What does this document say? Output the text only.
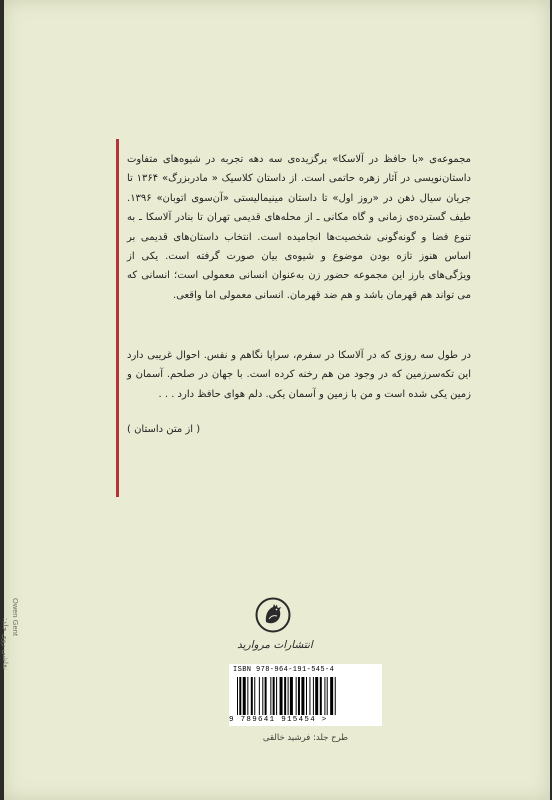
مجموعه‌ی «با حافظ در آلاسکا» برگزیده‌ی سه دهه تجربه در شیوه‌های متفاوت داستان‌نویسی در آثار زهره حاتمی است. از داستان کلاسیک « مادربزرگ» ۱۳۶۴ تا جریان سیال ذهن در «روز اول» تا داستان مینیمالیستی «آن‌سوی اتوبان» ۱۳۹۶. طیف گسترده‌ی زمانی و گاه مکانی ـ از محله‌های قدیمی تهران تا بنادر آلاسکا ـ به تنوع فضا و گونه‌گونی شخصیت‌ها انجامیده است. انتخاب داستان‌های قدیمی بر اساس هنوز تازه بودن موضوع و شیوه‌ی بیان صورت گرفته است. یکی از ویژگی‌های بارز این مجموعه حضور زن به‌عنوان انسانی معمولی است؛ انسانی که می تواند هم قهرمان باشد و هم ضد قهرمان. انسانی معمولی اما واقعی.

در طول سه روزی که در آلاسکا در سفرم، سراپا نگاهم و نفس. احوال غریبی دارد این تکه‌سرزمین که در وجود من هم رخنه کرده است. با جهان در صلحم. آسمان و زمین یکی شده است و من با زمین و آسمان یکی. دلم هوای حافظ دارد . . .

( از متن داستان )
نقاشی روی جلد:
Owen Gent
انتشارات مروارید
ISBN 978-964-191-545-4
9 789641 915454 >
طرح جلد: فرشید خالقی
